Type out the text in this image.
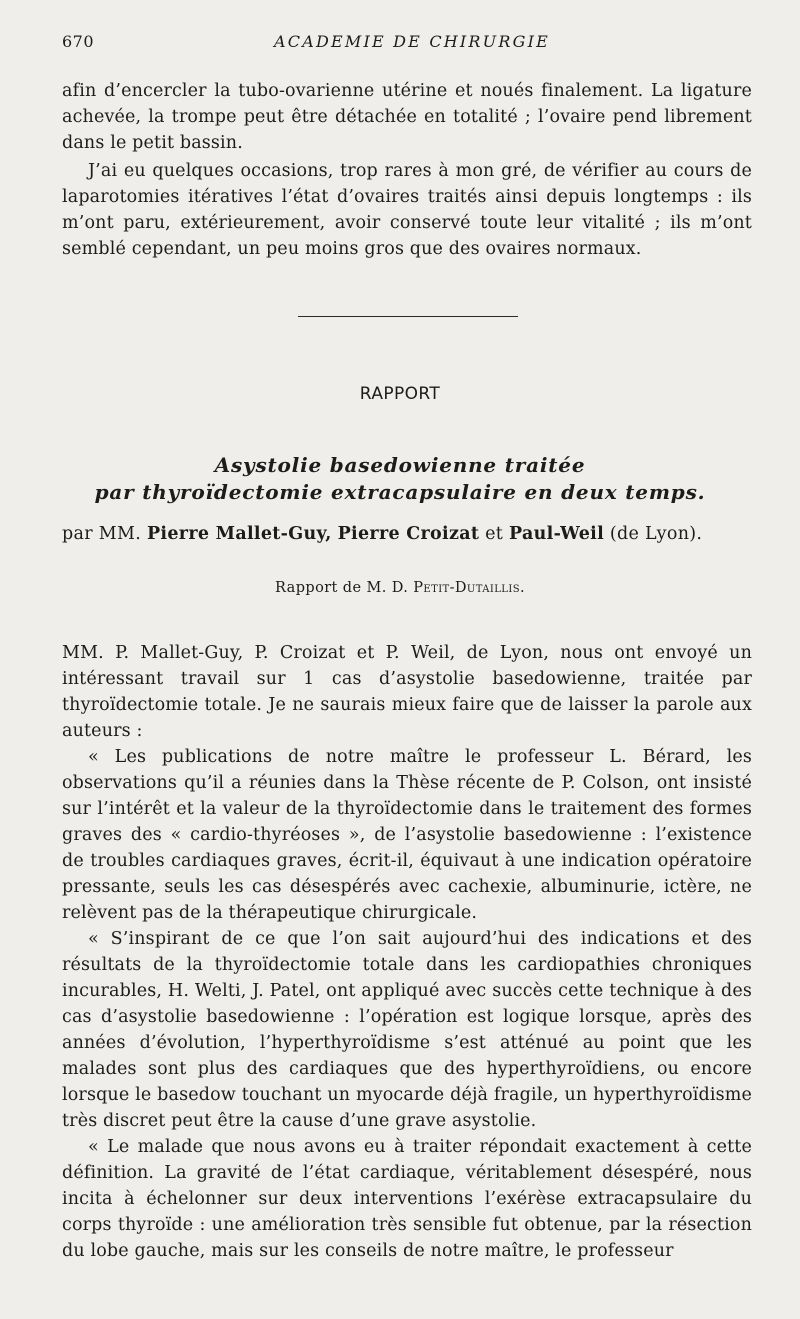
670	ACADEMIE DE CHIRURGIE
afin d’encercler la tubo-ovarienne utérine et noués finalement. La ligature achevée, la trompe peut être détachée en totalité ; l’ovaire pend librement dans le petit bassin.
J’ai eu quelques occasions, trop rares à mon gré, de vérifier au cours de laparotomies itératives l’état d’ovaires traités ainsi depuis longtemps : ils m’ont paru, extérieurement, avoir conservé toute leur vitalité ; ils m’ont semblé cependant, un peu moins gros que des ovaires normaux.
RAPPORT
Asystolie basedowienne traitée
par thyroïdectomie extracapsulaire en deux temps.
par MM. Pierre Mallet-Guy, Pierre Croizat et Paul-Weil (de Lyon).
Rapport de M. D. Petit-Dutaillis.
MM. P. Mallet-Guy, P. Croizat et P. Weil, de Lyon, nous ont envoyé un intéressant travail sur 1 cas d’asystolie basedowienne, traitée par thyroïdectomie totale. Je ne saurais mieux faire que de laisser la parole aux auteurs :
« Les publications de notre maître le professeur L. Bérard, les observations qu’il a réunies dans la Thèse récente de P. Colson, ont insisté sur l’intérêt et la valeur de la thyroïdectomie dans le traitement des formes graves des « cardio-thyréoses », de l’asystolie basedowienne : l’existence de troubles cardiaques graves, écrit-il, équivaut à une indication opératoire pressante, seuls les cas désespérés avec cachexie, albuminurie, ictère, ne relèvent pas de la thérapeutique chirurgicale.
« S’inspirant de ce que l’on sait aujourd’hui des indications et des résultats de la thyroïdectomie totale dans les cardiopathies chroniques incurables, H. Welti, J. Patel, ont appliqué avec succès cette technique à des cas d’asystolie basedowienne : l’opération est logique lorsque, après des années d’évolution, l’hyperthyroïdisme s’est atténué au point que les malades sont plus des cardiaques que des hyperthyroïdiens, ou encore lorsque le basedow touchant un myocarde déjà fragile, un hyperthyroïdisme très discret peut être la cause d’une grave asystolie.
« Le malade que nous avons eu à traiter répondait exactement à cette définition. La gravité de l’état cardiaque, véritablement désespéré, nous incita à échelonner sur deux interventions l’exérèse extracapsulaire du corps thyroïde : une amélioration très sensible fut obtenue, par la résection du lobe gauche, mais sur les conseils de notre maître, le professeur
